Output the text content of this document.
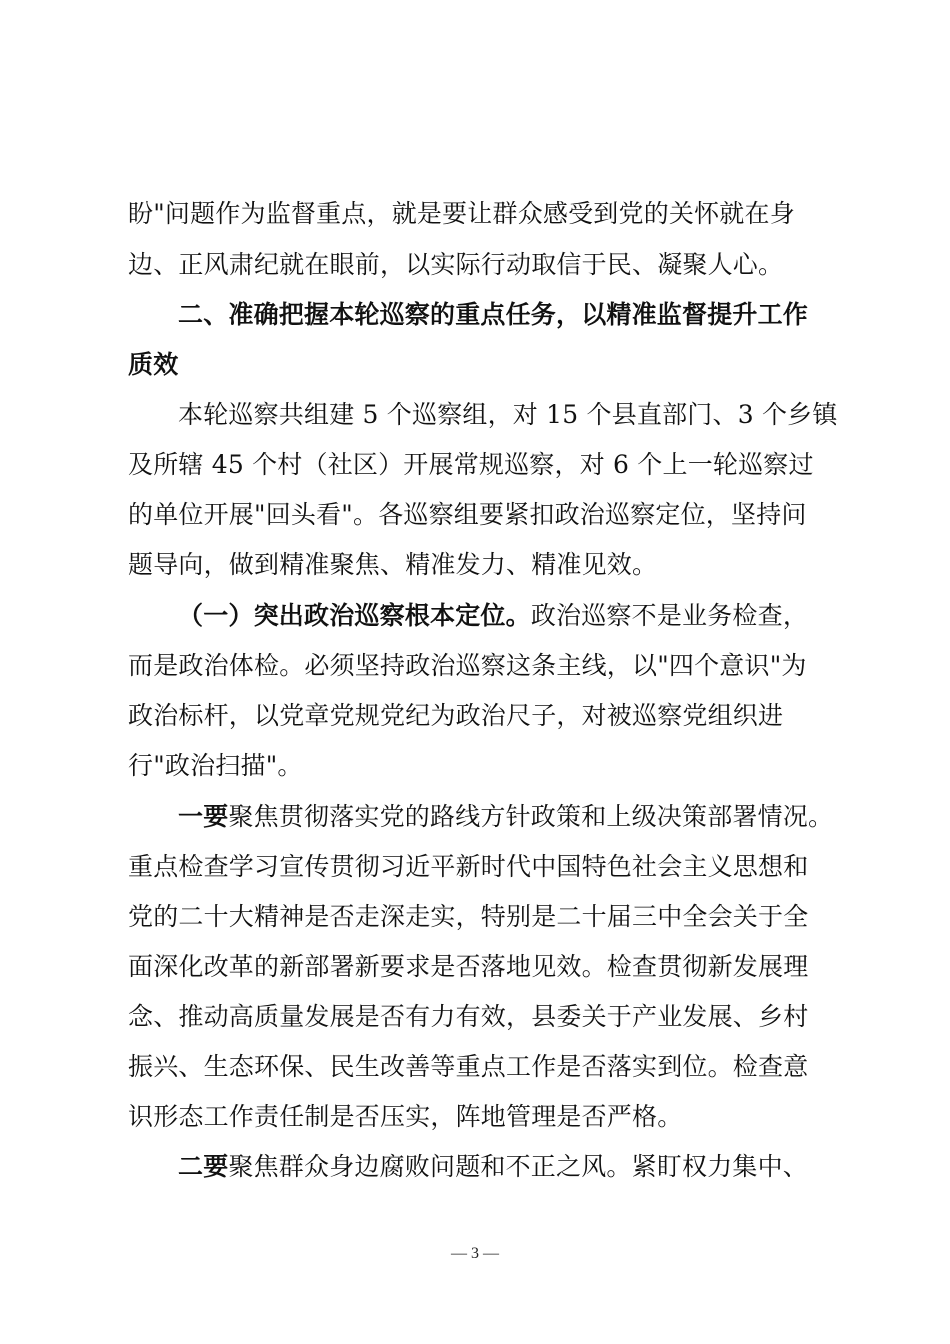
盼"问题作为监督重点，就是要让群众感受到党的关怀就在身
边、正风肃纪就在眼前，以实际行动取信于民、凝聚人心。
二、准确把握本轮巡察的重点任务，以精准监督提升工作
质效
本轮巡察共组建 5 个巡察组，对 15 个县直部门、3 个乡镇
及所辖 45 个村（社区）开展常规巡察，对 6 个上一轮巡察过
的单位开展"回头看"。各巡察组要紧扣政治巡察定位，坚持问
题导向，做到精准聚焦、精准发力、精准见效。
（一）突出政治巡察根本定位。政治巡察不是业务检查，
而是政治体检。必须坚持政治巡察这条主线，以"四个意识"为
政治标杆，以党章党规党纪为政治尺子，对被巡察党组织进
行"政治扫描"。
一要聚焦贯彻落实党的路线方针政策和上级决策部署情况。
重点检查学习宣传贯彻习近平新时代中国特色社会主义思想和
党的二十大精神是否走深走实，特别是二十届三中全会关于全
面深化改革的新部署新要求是否落地见效。检查贯彻新发展理
念、推动高质量发展是否有力有效，县委关于产业发展、乡村
振兴、生态环保、民生改善等重点工作是否落实到位。检查意
识形态工作责任制是否压实，阵地管理是否严格。
二要聚焦群众身边腐败问题和不正之风。紧盯权力集中、
— 3 —
